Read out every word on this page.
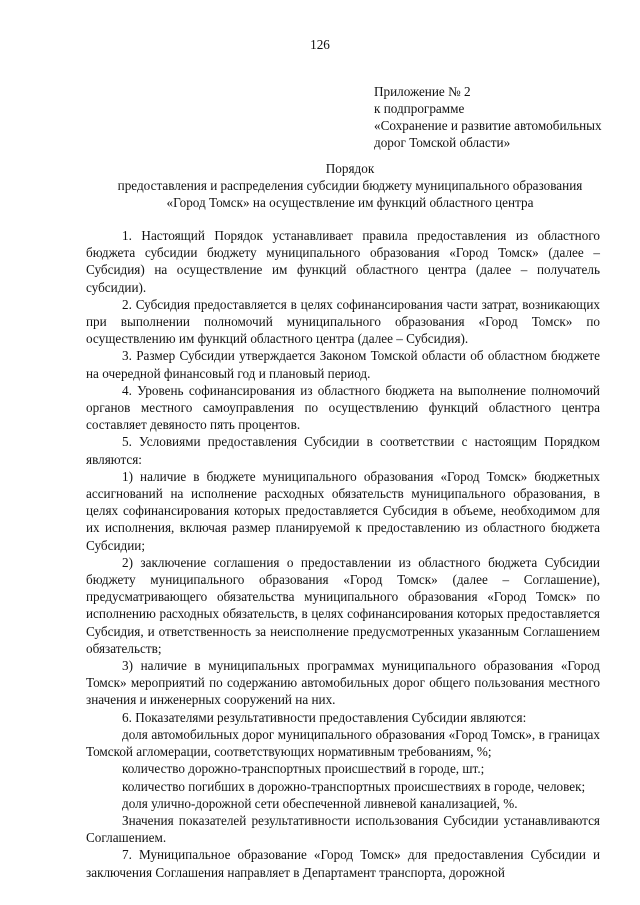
126
Приложение № 2
к подпрограмме
«Сохранение и развитие автомобильных
дорог Томской области»
Порядок
предоставления и распределения субсидии бюджету муниципального образования
«Город Томск» на осуществление им функций областного центра

1. Настоящий Порядок устанавливает правила предоставления из областного бюджета субсидии бюджету муниципального образования «Город Томск» (далее – Субсидия) на осуществление им функций областного центра (далее – получатель субсидии).

2. Субсидия предоставляется в целях софинансирования части затрат, возникающих при выполнении полномочий муниципального образования «Город Томск» по осуществлению им функций областного центра (далее – Субсидия).

3. Размер Субсидии утверждается Законом Томской области об областном бюджете на очередной финансовый год и плановый период.

4. Уровень софинансирования из областного бюджета на выполнение полномочий органов местного самоуправления по осуществлению функций областного центра составляет девяносто пять процентов.

5. Условиями предоставления Субсидии в соответствии с настоящим Порядком являются:

1) наличие в бюджете муниципального образования «Город Томск» бюджетных ассигнований на исполнение расходных обязательств муниципального образования, в целях софинансирования которых предоставляется Субсидия в объеме, необходимом для их исполнения, включая размер планируемой к предоставлению из областного бюджета Субсидии;

2) заключение соглашения о предоставлении из областного бюджета Субсидии бюджету муниципального образования «Город Томск» (далее – Соглашение), предусматривающего обязательства муниципального образования «Город Томск» по исполнению расходных обязательств, в целях софинансирования которых предоставляется Субсидия, и ответственность за неисполнение предусмотренных указанным Соглашением обязательств;

3) наличие в муниципальных программах муниципального образования «Город Томск» мероприятий по содержанию автомобильных дорог общего пользования местного значения и инженерных сооружений на них.

6. Показателями результативности предоставления Субсидии являются:

доля автомобильных дорог муниципального образования «Город Томск», в границах Томской агломерации, соответствующих нормативным требованиям, %;

количество дорожно-транспортных происшествий в городе, шт.;

количество погибших в дорожно-транспортных происшествиях в городе, человек;

доля улично-дорожной сети обеспеченной ливневой канализацией, %.

Значения показателей результативности использования Субсидии устанавливаются Соглашением.

7. Муниципальное образование «Город Томск» для предоставления Субсидии и заключения Соглашения направляет в Департамент транспорта, дорожной
